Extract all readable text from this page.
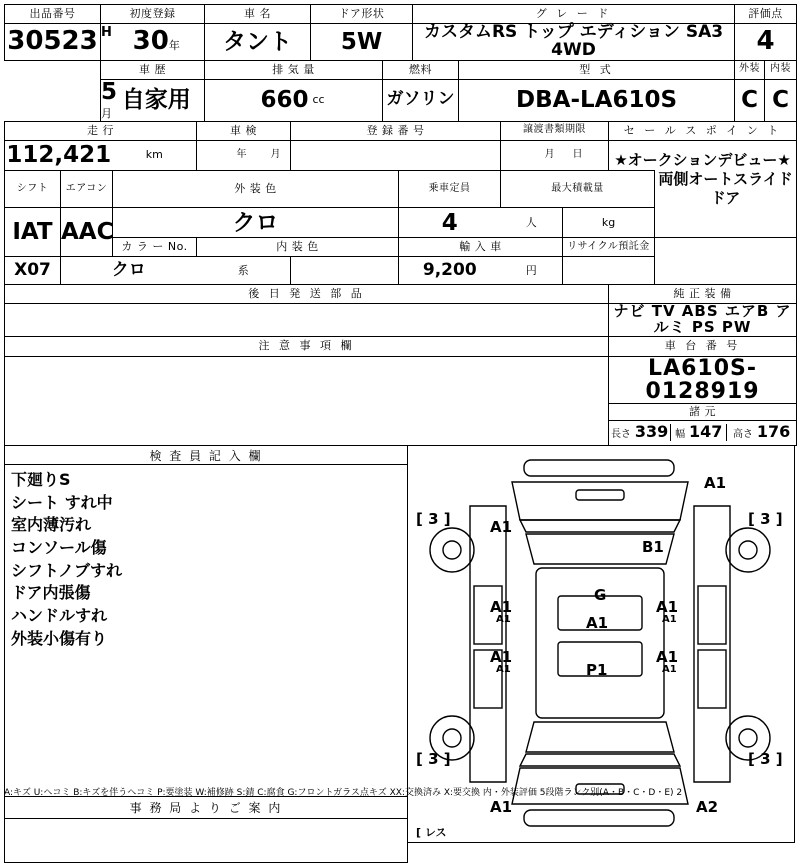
出品番号	初度登録		車 名	ドア形状		グ レ ー ド		評価点	
30523	H	30年	タント	5W		カスタムRS トップ エディション SA3 4WD		4	
	車 歴		排 気 量		燃料		型 式	外装	内装
	5月	自家用	660	cc	ガソリン		DBA-LA610S	C	C
走 行	車 検	登 録 番 号	譲渡書類期限	セ ー ル ス ポ イ ン ト
112,421	km	年 月		月 日	★オークションデビュー★

シフト	エアコン	外 装 色	乗車定員	最大積載量	両側オートスライドドア

IAT	AAC	クロ	4	人	kg	
カ ラ ー No.	内 装 色	輸 入 車	リサイクル預託金	
X07	クロ	系		9,200	円
後 日 発 送 部 品	純 正 装 備

ナビ TV ABS エアB アルミ PS PW

注 意 事 項 欄	車 台 番 号
	LA610S-0128919
諸 元

長さ 339	幅 147	高さ 176
検 査 員 記 入 欄
下廻りS
シート すれ中
室内薄汚れ
コンソール傷
シフトノブすれ
ドア内張傷
ハンドルすれ
外装小傷有り
事 務 局 よ り ご 案 内
A1
[ 3 ]	[ 3 ]
A1
B1
G
A1
A1
A1
A1
A1
A1
A1
A1
A1
P1
[ 3 ]	[ 3 ]
A1	A2
[ レス
A:キズ U:ヘコミ B:キズを伴うヘコミ P:要塗装 W:補修跡 S:錆 C:腐食 G:フロントガラス点キズ XX:交換済み X:要交換 内・外装評価 5段階ランク別(A・B・C・D・E) 2
